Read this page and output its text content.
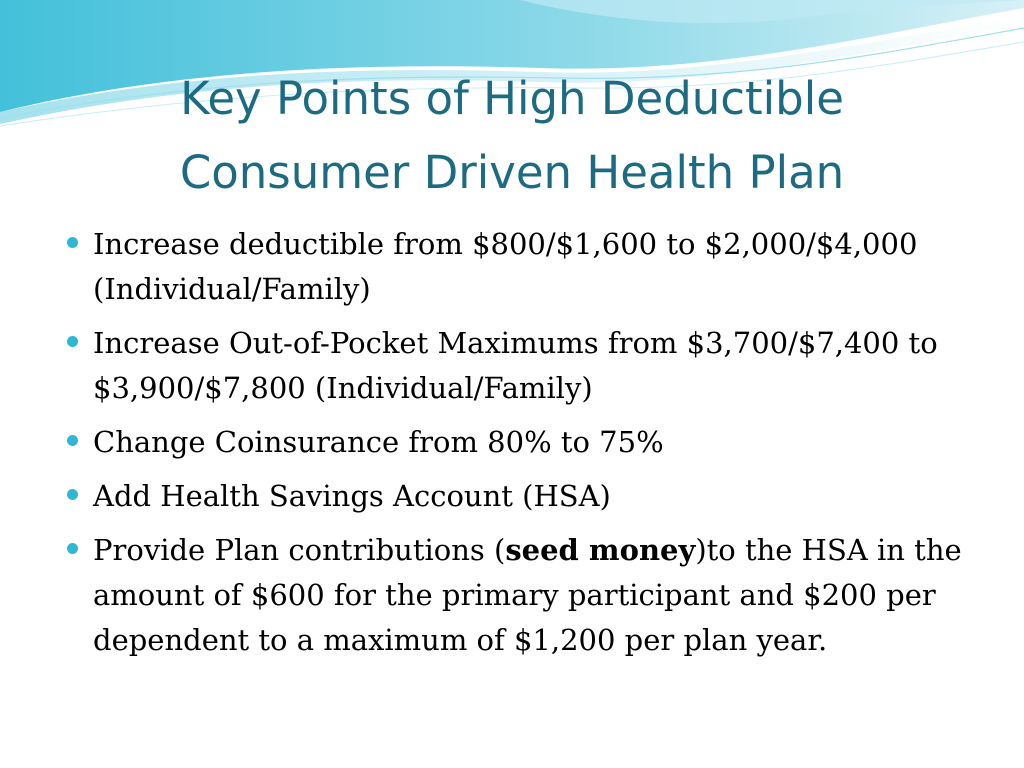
Key Points of High Deductible Consumer Driven Health Plan
Increase deductible from $800/$1,600 to $2,000/$4,000 (Individual/Family)
Increase Out-of-Pocket Maximums from $3,700/$7,400 to $3,900/$7,800 (Individual/Family)
Change Coinsurance from 80% to 75%
Add Health Savings Account (HSA)
Provide Plan contributions (seed money)to the HSA in the amount of $600 for the primary participant and $200 per dependent to a maximum of $1,200 per plan year.
